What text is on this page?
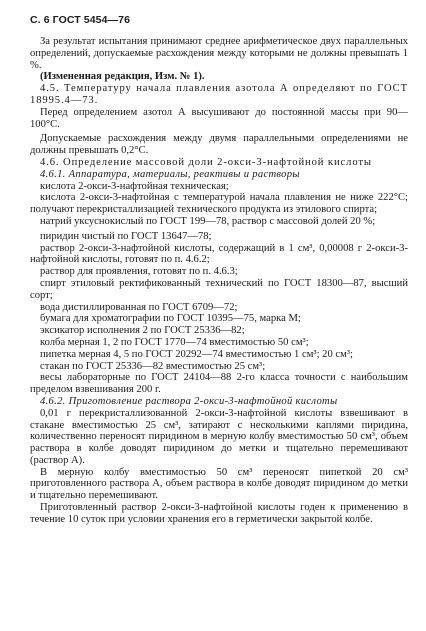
С. 6 ГОСТ 5454—76

За результат испытания принимают среднее арифметическое двух параллельных определений, допускаемые расхождения между которыми не должны превышать 1 %.

(Измененная редакция, Изм. № 1).

4.5. Температуру начала плавления азотола А определяют по ГОСТ 18995.4—73.

Перед определением азотол А высушивают до постоянной массы при 90—100°С.

Допускаемые расхождения между двумя параллельными определениями не должны превышать 0,2°С.

4.6. Определение массовой доли 2-окси-3-нафтойной кислоты

4.6.1. Аппаратура, материалы, реактивы и растворы

кислота 2-окси-3-нафтойная техническая;

кислота 2-окси-3-нафтойная с температурой начала плавления не ниже 222°С; получают перекристаллизацией технического продукта из этилового спирта;

натрий уксуснокислый по ГОСТ 199—78, раствор с массовой долей 20 %;

пиридин чистый по ГОСТ 13647—78;

раствор 2-окси-3-нафтойной кислоты, содержащий в 1 см³, 0,00008 г 2-окси-3-нафтойной кислоты, готовят по п. 4.6.2;

раствор для проявления, готовят по п. 4.6.3;

спирт этиловый ректификованный технический по ГОСТ 18300—87, высший сорт;

вода дистиллированная по ГОСТ 6709—72;

бумага для хроматографии по ГОСТ 10395—75, марка М;

эксикатор исполнения 2 по ГОСТ 25336—82;

колба мерная 1, 2 по ГОСТ 1770—74 вместимостью 50 см³;

пипетка мерная 4, 5 по ГОСТ 20292—74 вместимостью 1 см³; 20 см³;

стакан по ГОСТ 25336—82 вместимостью 25 см³;

весы лабораторные по ГОСТ 24104—88 2-го класса точности с наибольшим пределом взвешивания 200 г.

4.6.2. Приготовление раствора 2-окси-3-нафтойной кислоты

0,01 г перекристаллизованной 2-окси-3-нафтойной кислоты взвешивают в стакане вместимостью 25 см³, затирают с несколькими каплями пиридина, количественно переносят пиридином в мерную колбу вместимостью 50 см³, объем раствора в колбе доводят пиридином до метки и тщательно перемешивают (раствор А).

В мерную колбу вместимостью 50 см³ переносят пипеткой 20 см³ приготовленного раствора А, объем раствора в колбе доводят пиридином до метки и тщательно перемешивают.

Приготовленный раствор 2-окси-3-нафтойной кислоты годен к применению в течение 10 суток при условии хранения его в герметически закрытой колбе.
